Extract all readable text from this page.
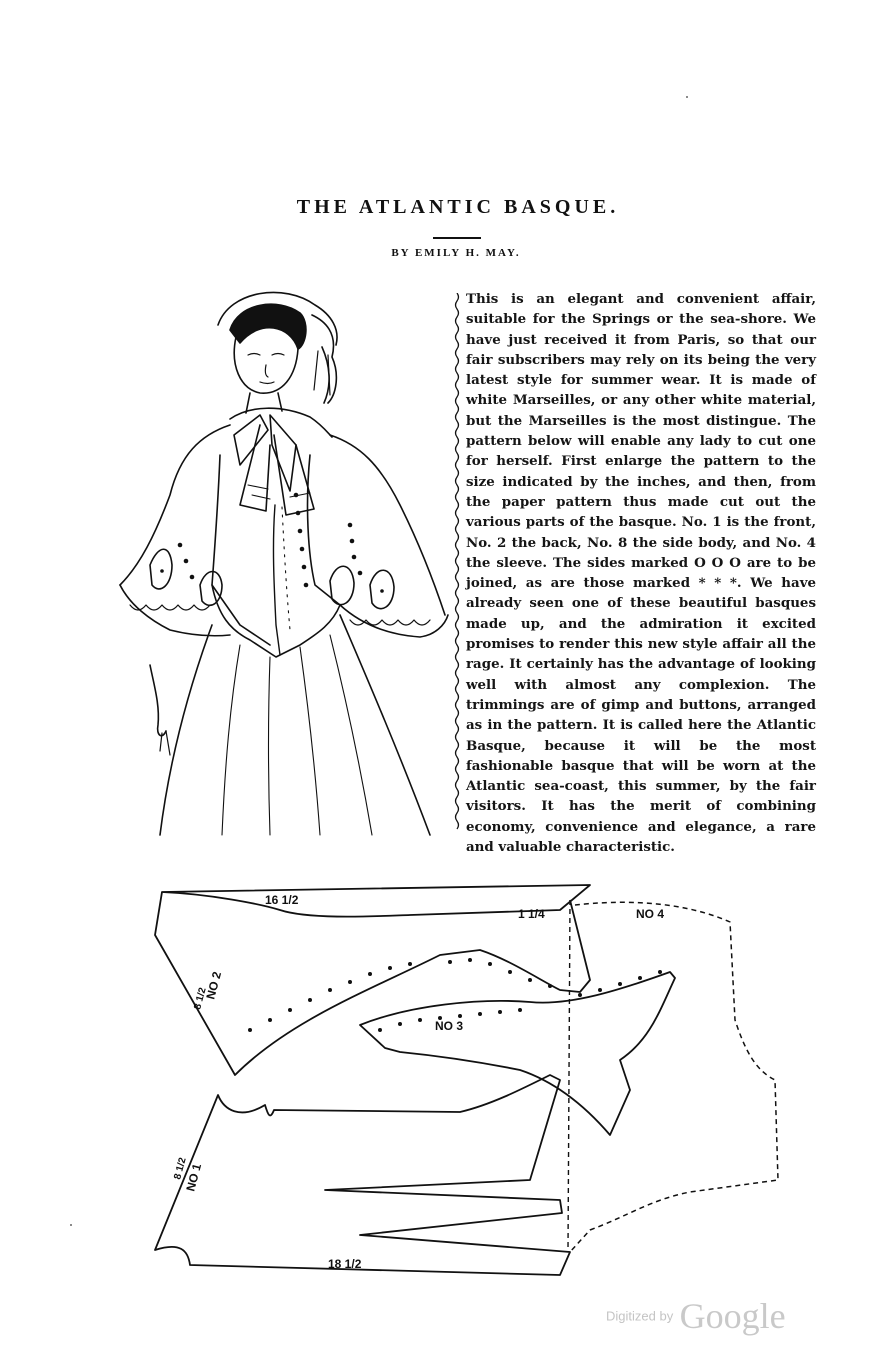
THE ATLANTIC BASQUE.
BY EMILY H. MAY.
This is an elegant and convenient affair, suitable for the Springs or the sea-shore. We have just received it from Paris, so that our fair subscribers may rely on its being the very latest style for summer wear. It is made of white Marseilles, or any other white material, but the Marseilles is the most distingue. The pattern below will enable any lady to cut one for herself. First enlarge the pattern to the size indicated by the inches, and then, from the paper pattern thus made cut out the various parts of the basque. No. 1 is the front, No. 2 the back, No. 8 the side body, and No. 4 the sleeve. The sides marked O O O are to be joined, as are those marked * * *. We have already seen one of these beautiful basques made up, and the admiration it excited promises to render this new style affair all the rage. It certainly has the advantage of looking well with almost any complexion. The trimmings are of gimp and buttons, arranged as in the pattern. It is called here the Atlantic Basque, because it will be the most fashionable basque that will be worn at the Atlantic sea-coast, this summer, by the fair visitors. It has the merit of combining economy, convenience and elegance, a rare and valuable characteristic.
16 1/2
1 1/4	NO 4
NO 3
18 1/2
NO 2
8 1/2
NO 1
8 1/2
Digitized by Google
